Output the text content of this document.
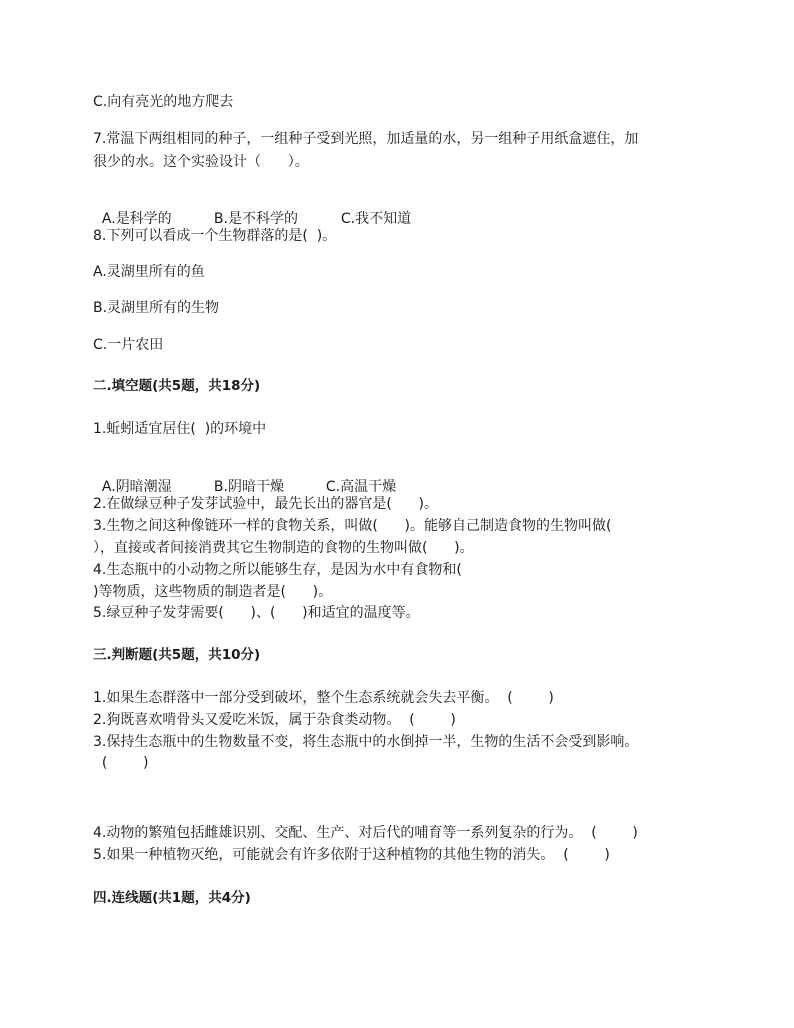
C.向有亮光的地方爬去

7.常温下两组相同的种子，一组种子受到光照，加适量的水，另一组种子用纸盒遮住，加

很少的水。这个实验设计（      ）。

A.是科学的	B.是不科学的	C.我不知道

8.下列可以看成一个生物群落的是(  )。

A.灵湖里所有的鱼

B.灵湖里所有的生物

C.一片农田

二.填空题(共5题，共18分)

1.蚯蚓适宜居住(  )的环境中

A.阴暗潮湿	B.阴暗干燥	C.高温干燥

2.在做绿豆种子发芽试验中，最先长出的器官是(      )。

3.生物之间这种像链环一样的食物关系，叫做(      )。能够自己制造食物的生物叫做(

），直接或者间接消费其它生物制造的食物的生物叫做(      )。

4.生态瓶中的小动物之所以能够生存，是因为水中有食物和(

)等物质，这些物质的制造者是(      )。

5.绿豆种子发芽需要(      )、(      )和适宜的温度等。

三.判断题(共5题，共10分)

1.如果生态群落中一部分受到破坏，整个生态系统就会失去平衡。  (        )

2.狗既喜欢啃骨头又爱吃米饭，属于杂食类动物。  (        )

3.保持生态瓶中的生物数量不变，将生态瓶中的水倒掉一半，生物的生活不会受到影响。

(        )

4.动物的繁殖包括雌雄识别、交配、生产、对后代的哺育等一系列复杂的行为。  (        )

5.如果一种植物灭绝，可能就会有许多依附于这种植物的其他生物的消失。  (        )

四.连线题(共1题，共4分)
